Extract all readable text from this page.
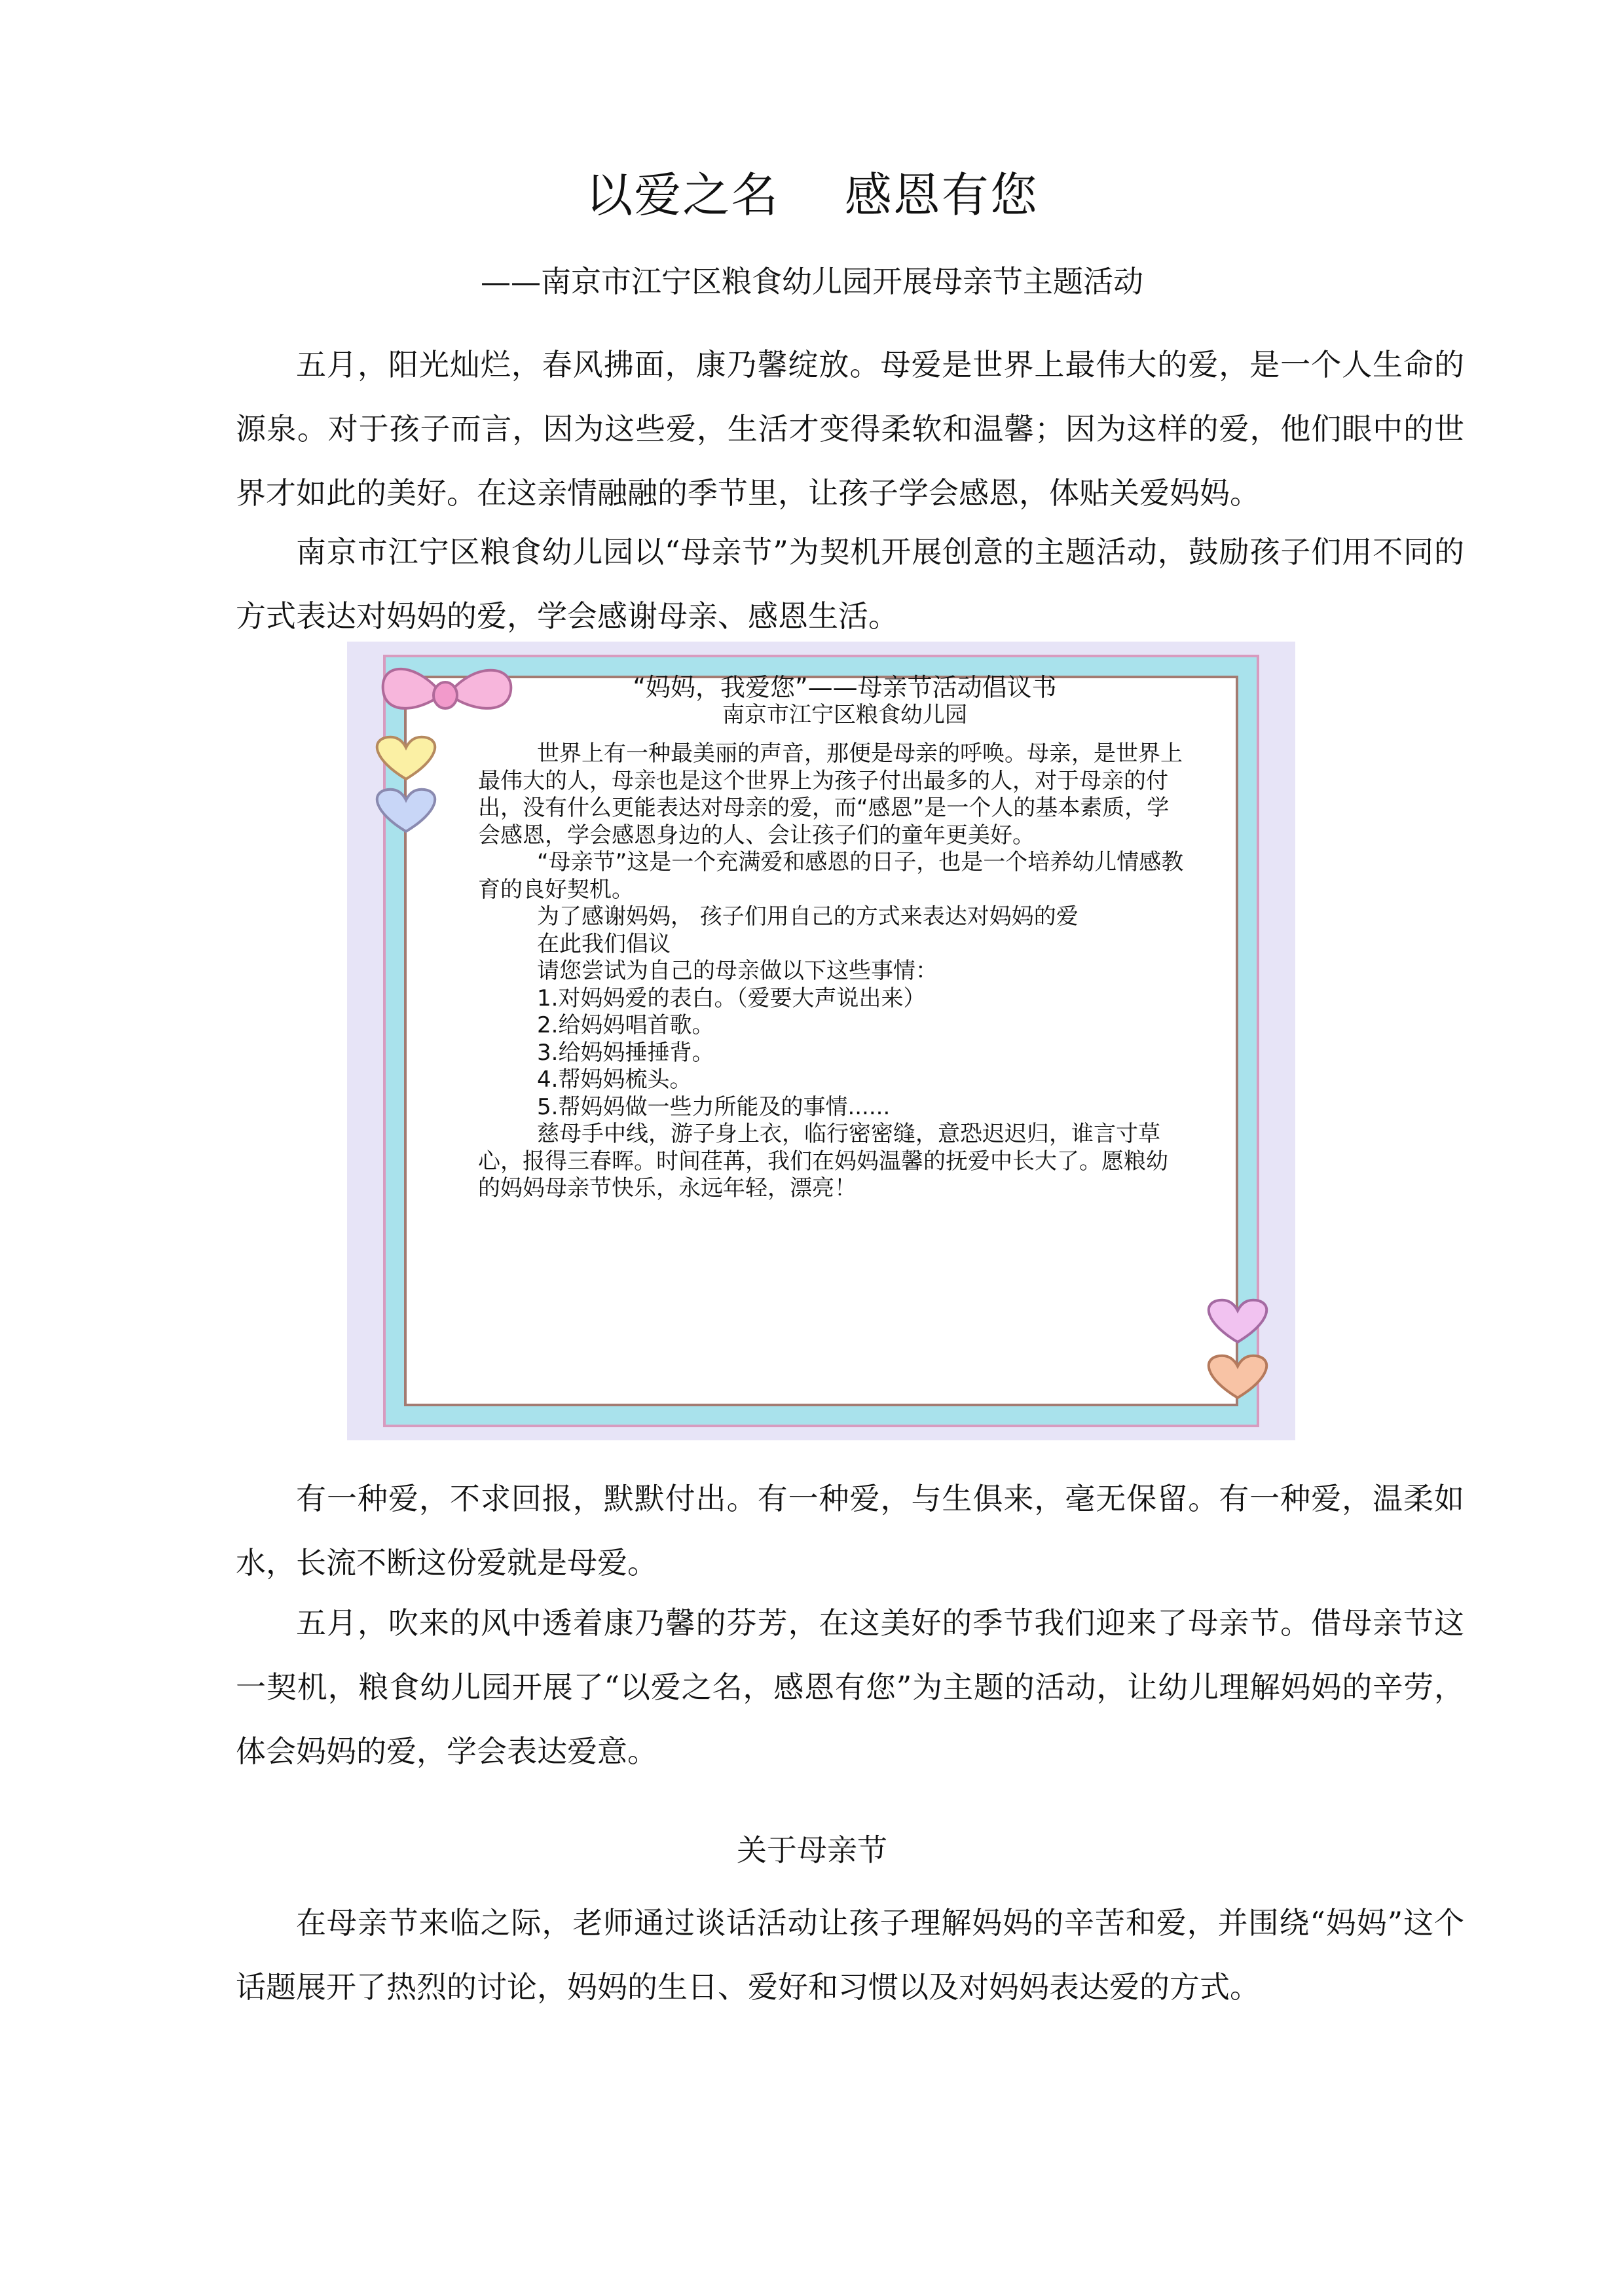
以爱之名    感恩有您
——南京市江宁区粮食幼儿园开展母亲节主题活动

五月，阳光灿烂，春风拂面，康乃馨绽放。母爱是世界上最伟大的爱，是一个人生命的源泉。对于孩子而言，因为这些爱，生活才变得柔软和温馨；因为这样的爱，他们眼中的世界才如此的美好。在这亲情融融的季节里，让孩子学会感恩，体贴关爱妈妈。

南京市江宁区粮食幼儿园以“母亲节”为契机开展创意的主题活动，鼓励孩子们用不同的方式表达对妈妈的爱，学会感谢母亲、感恩生活。

“妈妈，我爱您”——母亲节活动倡议书
南京市江宁区粮食幼儿园
世界上有一种最美丽的声音，那便是母亲的呼唤。母亲，是世界上最伟大的人，母亲也是这个世界上为孩子付出最多的人，对于母亲的付出，没有什么更能表达对母亲的爱，而“感恩”是一个人的基本素质，学会感恩，学会感恩身边的人、会让孩子们的童年更美好。
“母亲节”这是一个充满爱和感恩的日子，也是一个培养幼儿情感教育的良好契机。
为了感谢妈妈， 孩子们用自己的方式来表达对妈妈的爱
在此我们倡议
请您尝试为自己的母亲做以下这些事情：
1.对妈妈爱的表白。（爱要大声说出来）
2.给妈妈唱首歌。
3.给妈妈捶捶背。
4.帮妈妈梳头。
5.帮妈妈做一些力所能及的事情......
慈母手中线，游子身上衣，临行密密缝，意恐迟迟归，谁言寸草心，报得三春晖。时间荏苒，我们在妈妈温馨的抚爱中长大了。愿粮幼的妈妈母亲节快乐，永远年轻，漂亮！

有一种爱，不求回报，默默付出。有一种爱，与生俱来，毫无保留。有一种爱，温柔如水，长流不断这份爱就是母爱。

五月，吹来的风中透着康乃馨的芬芳，在这美好的季节我们迎来了母亲节。借母亲节这一契机，粮食幼儿园开展了“以爱之名，感恩有您”为主题的活动，让幼儿理解妈妈的辛劳，体会妈妈的爱，学会表达爱意。

关于母亲节

在母亲节来临之际，老师通过谈话活动让孩子理解妈妈的辛苦和爱，并围绕“妈妈”这个话题展开了热烈的讨论，妈妈的生日、爱好和习惯以及对妈妈表达爱的方式。
